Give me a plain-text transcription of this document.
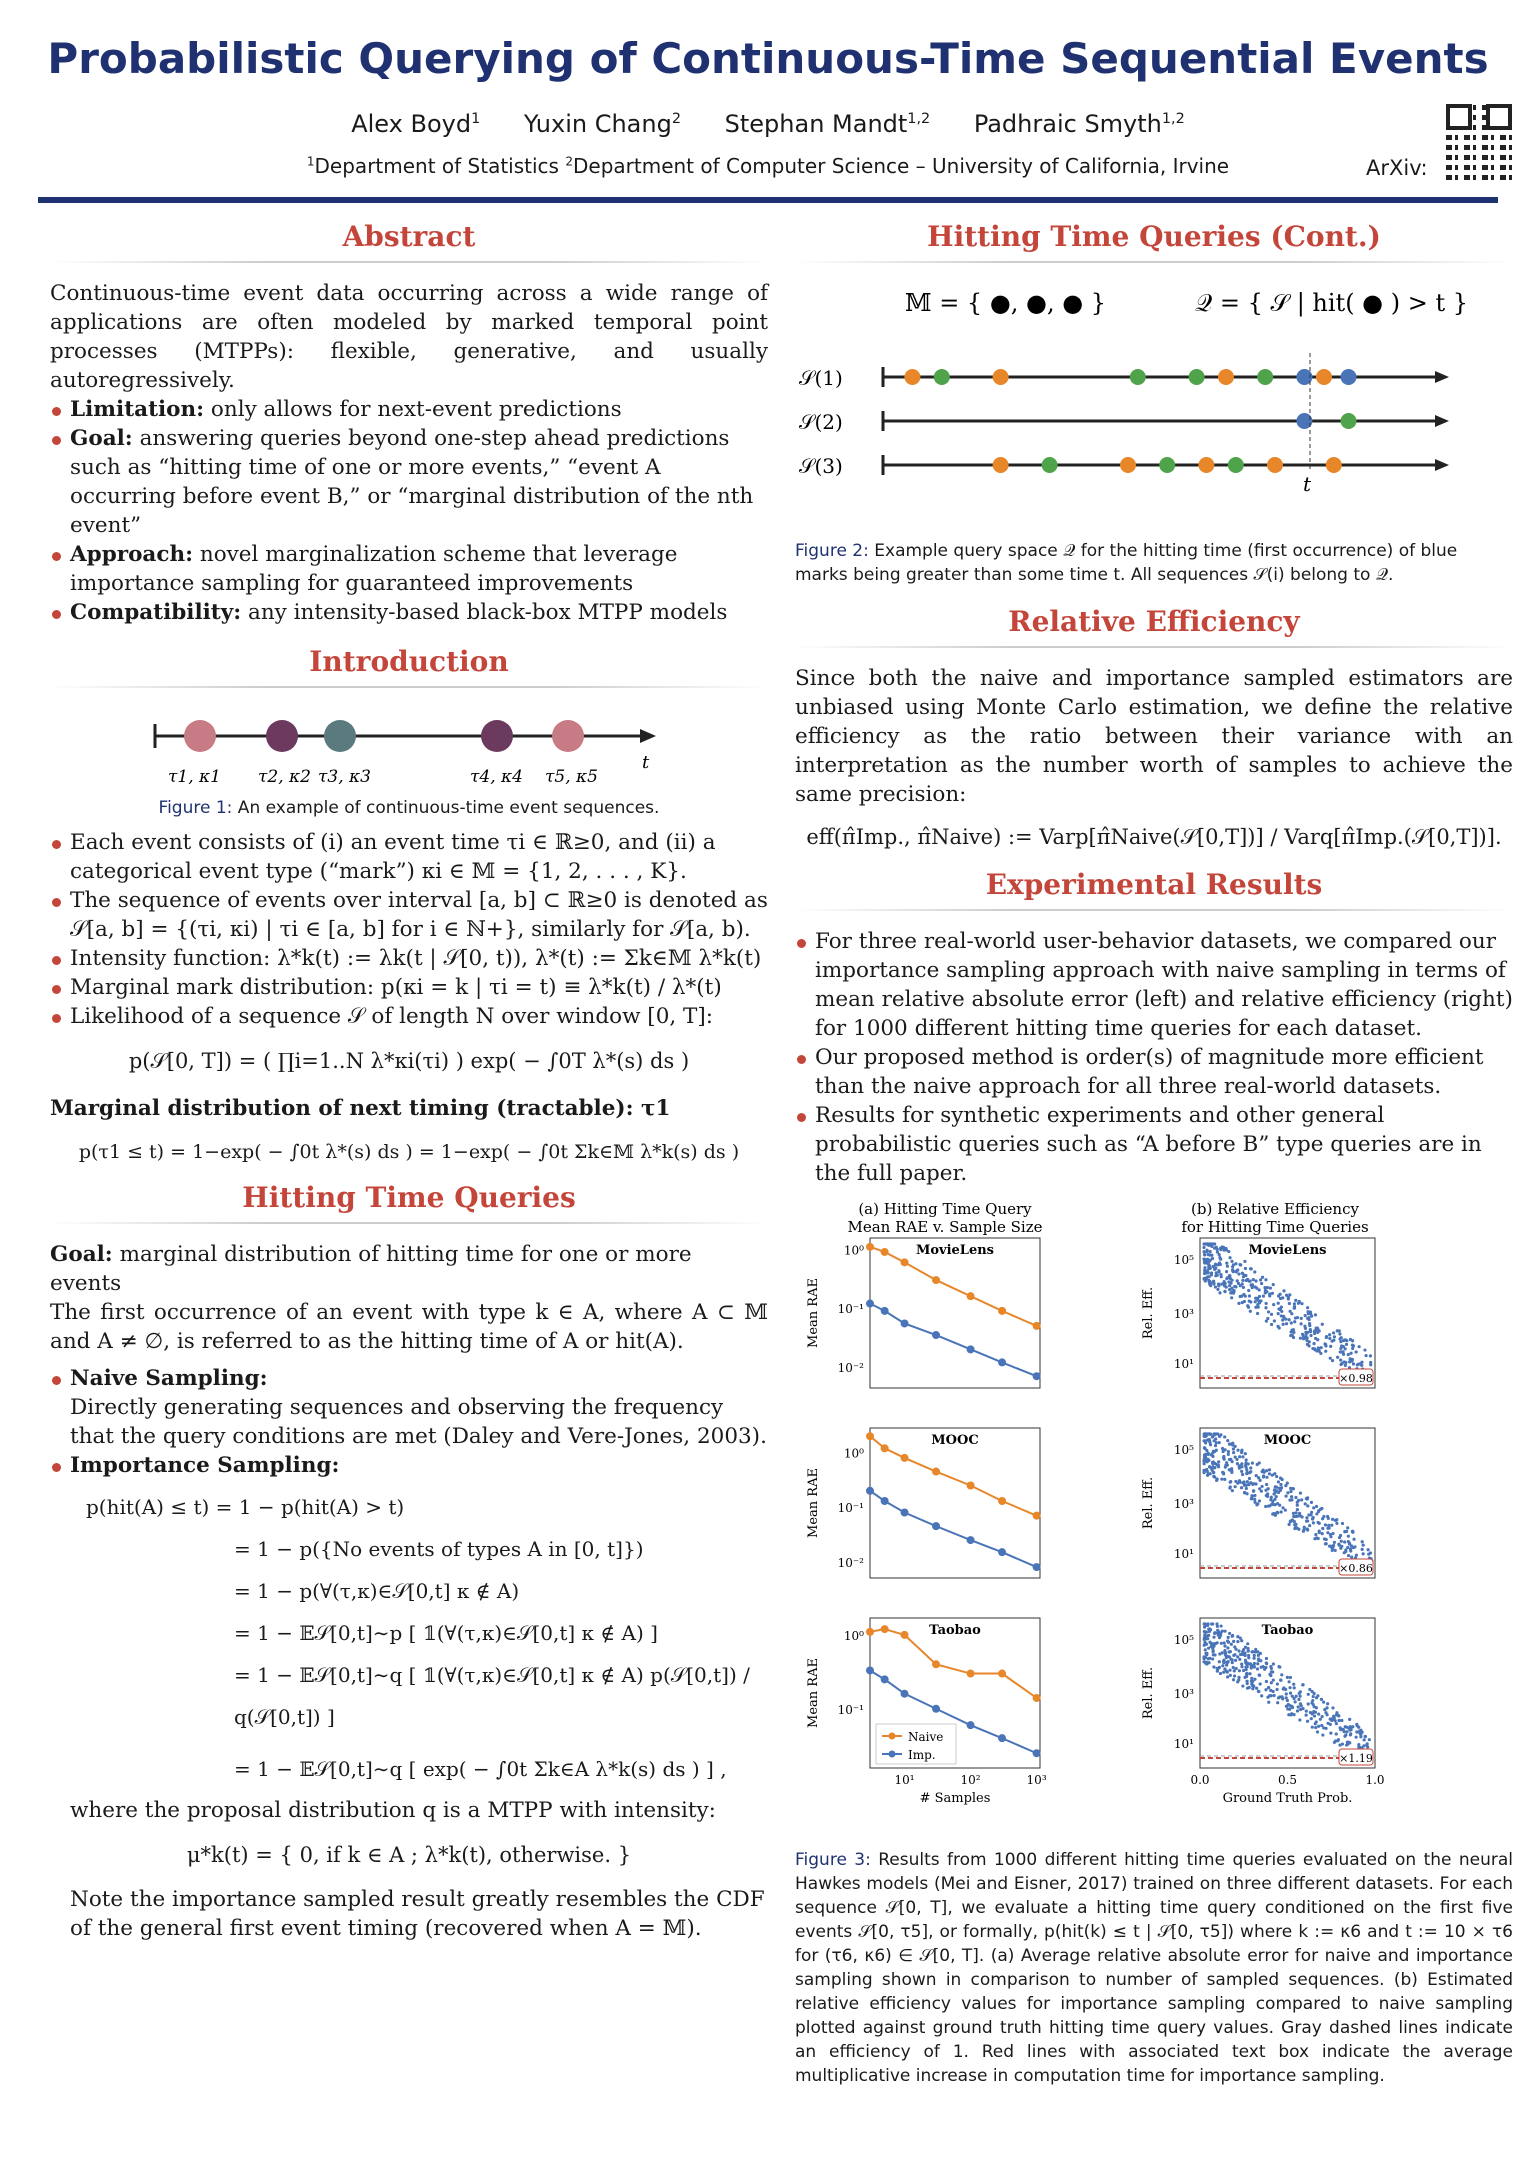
Probabilistic Querying of Continuous-Time Sequential Events
Alex Boyd$^1$ Yuxin Chang$^2$ Stephan Mandt$^{1,2}$ Padhraic Smyth$^{1,2}$
$^1$Department of Statistics $^2$Department of Computer Science – University of California, Irvine	ArXiv:
Abstract

Continuous-time event data occurring across a wide range of applications are often modeled by marked temporal point processes (MTPPs): flexible, generative, and usually autoregressively.

Limitation: only allows for next-event predictions
Goal: answering queries beyond one-step ahead predictions such as “hitting time of one or more events,” “event A occurring before event B,” or “marginal distribution of the nth event”
Approach: novel marginalization scheme that leverage importance sampling for guaranteed improvements
Compatibility: any intensity-based black-box MTPP models
Introduction
τ1, κ1 τ2, κ2 τ3, κ3	τ4, κ4 τ5, κ5
t
Figure 1: An example of continuous-time event sequences.
Each event consists of (i) an event time τi ∈ ℝ≥0, and (ii) a categorical event type (“mark”) κi ∈ 𝕄 = {1, 2, . . . , K}.
The sequence of events over interval [a, b] ⊂ ℝ≥0 is denoted as 𝒮[a, b] = {(τi, κi) | τi ∈ [a, b] for i ∈ ℕ+}, similarly for 𝒮[a, b).
Intensity function: λ*k(t) := λk(t | 𝒮[0, t)), λ*(t) := Σk∈𝕄 λ*k(t)
Marginal mark distribution: p(κi = k | τi = t) ≡ λ*k(t) / λ*(t)
Likelihood of a sequence 𝒮 of length N over window [0, T]:
p(𝒮[0, T]) = ( ∏i=1..N λ*κi(τi) ) exp( − ∫0T λ*(s) ds )

Marginal distribution of next timing (tractable): τ1

p(τ1 ≤ t) = 1−exp( − ∫0t λ*(s) ds ) = 1−exp( − ∫0t Σk∈𝕄 λ*k(s) ds )
Hitting Time Queries

Goal: marginal distribution of hitting time for one or more events

The first occurrence of an event with type k ∈ A, where A ⊂ 𝕄 and A ≠ ∅, is referred to as the hitting time of A or hit(A).

Naive Sampling:

Directly generating sequences and observing the frequency that the query conditions are met (Daley and Vere-Jones, 2003).

Importance Sampling:
p(hit(A) ≤ t) = 1 − p(hit(A) > t)
= 1 − p({No events of types A in [0, t]})
= 1 − p(∀(τ,κ)∈𝒮[0,t] κ ∉ A)
= 1 − 𝔼𝒮[0,t]∼p [ 𝟙(∀(τ,κ)∈𝒮[0,t] κ ∉ A) ]
= 1 − 𝔼𝒮[0,t]∼q [ 𝟙(∀(τ,κ)∈𝒮[0,t] κ ∉ A) p(𝒮[0,t]) / q(𝒮[0,t]) ]
= 1 − 𝔼𝒮[0,t]∼q [ exp( − ∫0t Σk∈A λ*k(s) ds ) ] ,

where the proposal distribution q is a MTPP with intensity:

μ*k(t) = { 0, if k ∈ A ; λ*k(t), otherwise. }

Note the importance sampled result greatly resembles the CDF of the general first event timing (recovered when A = 𝕄).

Hitting Time Queries (Cont.)
𝕄 = { ●, ●, ● }	𝒬 = { 𝒮 | hit( ● ) > t }
𝒮(1)
𝒮(2)
𝒮(3)
t
Figure 2: Example query space 𝒬 for the hitting time (first occurrence) of blue marks being greater than some time t. All sequences 𝒮(i) belong to 𝒬.
Relative Efficiency

Since both the naive and importance sampled estimators are unbiased using Monte Carlo estimation, we define the relative efficiency as the ratio between their variance with an interpretation as the number worth of samples to achieve the same precision:

eff(π̂Imp., π̂Naive) := Varp[π̂Naive(𝒮[0,T])] / Varq[π̂Imp.(𝒮[0,T])].
Experimental Results
For three real-world user-behavior datasets, we compared our importance sampling approach with naive sampling in terms of mean relative absolute error (left) and relative efficiency (right) for 1000 different hitting time queries for each dataset.
Our proposed method is order(s) of magnitude more efficient than the naive approach for all three real-world datasets.
Results for synthetic experiments and other general probabilistic queries such as “A before B” type queries are in the full paper.
(a) Hitting Time Query
Mean RAE v. Sample Size
(b) Relative Efficiency
for Hitting Time Queries
MovieLens
Mean RAE
10⁰
10⁻¹
10⁻²
MovieLens
Rel. Eff.
10⁵
10³
10¹
×0.98
MOOC
Mean RAE
10⁰
10⁻¹
10⁻²
MOOC
Rel. Eff.
10⁵
10³
10¹
×0.86
Taobao
Mean RAE
10⁰
10⁻¹
Taobao
Rel. Eff.
10⁵
10³
10¹
×1.19
10¹	10²	10³
# Samples
0.0	0.5	1.0
Ground Truth Prob.
Naive
Imp.
Figure 3: Results from 1000 different hitting time queries evaluated on the neural Hawkes models (Mei and Eisner, 2017) trained on three different datasets. For each sequence 𝒮[0, T], we evaluate a hitting time query conditioned on the first five events 𝒮[0, τ5], or formally, p(hit(k) ≤ t | 𝒮[0, τ5]) where k := κ6 and t := 10 × τ6 for (τ6, κ6) ∈ 𝒮[0, T]. (a) Average relative absolute error for naive and importance sampling shown in comparison to number of sampled sequences. (b) Estimated relative efficiency values for importance sampling compared to naive sampling plotted against ground truth hitting time query values. Gray dashed lines indicate an efficiency of 1. Red lines with associated text box indicate the average multiplicative increase in computation time for importance sampling.
